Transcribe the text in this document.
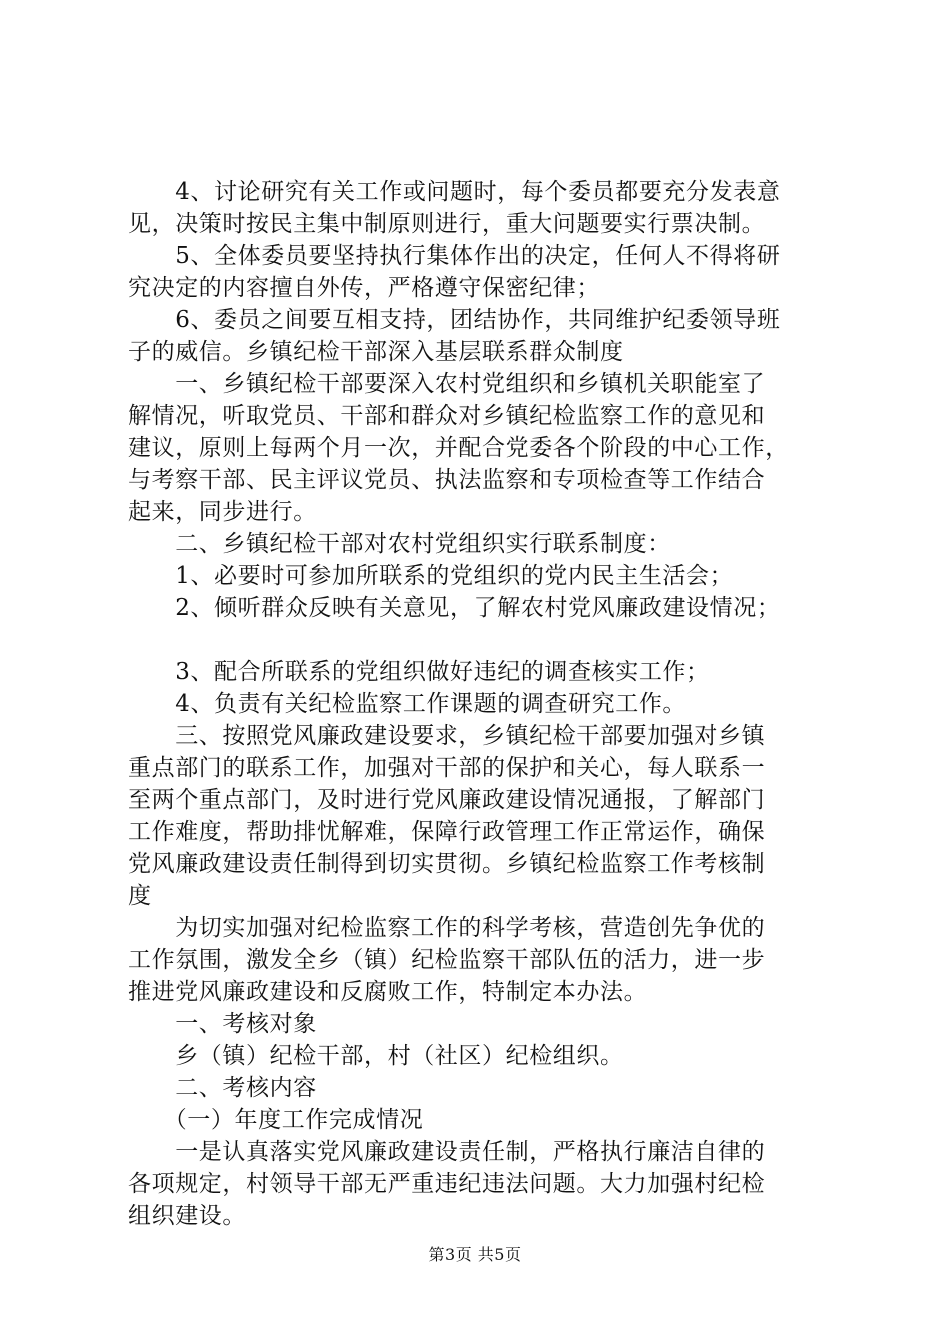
　　4、讨论研究有关工作或问题时，每个委员都要充分发表意
见，决策时按民主集中制原则进行，重大问题要实行票决制。
　　5、全体委员要坚持执行集体作出的决定，任何人不得将研
究决定的内容擅自外传，严格遵守保密纪律；
　　6、委员之间要互相支持，团结协作，共同维护纪委领导班
子的威信。乡镇纪检干部深入基层联系群众制度
　　一、乡镇纪检干部要深入农村党组织和乡镇机关职能室了
解情况，听取党员、干部和群众对乡镇纪检监察工作的意见和
建议，原则上每两个月一次，并配合党委各个阶段的中心工作，
与考察干部、民主评议党员、执法监察和专项检查等工作结合
起来，同步进行。
　　二、乡镇纪检干部对农村党组织实行联系制度：
　　1、必要时可参加所联系的党组织的党内民主生活会；
　　2、倾听群众反映有关意见，了解农村党风廉政建设情况；
　　3、配合所联系的党组织做好违纪的调查核实工作；
　　4、负责有关纪检监察工作课题的调查研究工作。
　　三、按照党风廉政建设要求，乡镇纪检干部要加强对乡镇
重点部门的联系工作，加强对干部的保护和关心，每人联系一
至两个重点部门，及时进行党风廉政建设情况通报，了解部门
工作难度，帮助排忧解难，保障行政管理工作正常运作，确保
党风廉政建设责任制得到切实贯彻。乡镇纪检监察工作考核制
度
　　为切实加强对纪检监察工作的科学考核，营造创先争优的
工作氛围，激发全乡（镇）纪检监察干部队伍的活力，进一步
推进党风廉政建设和反腐败工作，特制定本办法。
　　一、考核对象
　　乡（镇）纪检干部，村（社区）纪检组织。
　　二、考核内容
　　（一）年度工作完成情况
　　一是认真落实党风廉政建设责任制，严格执行廉洁自律的
各项规定，村领导干部无严重违纪违法问题。大力加强村纪检
组织建设。
第3页 共5页
